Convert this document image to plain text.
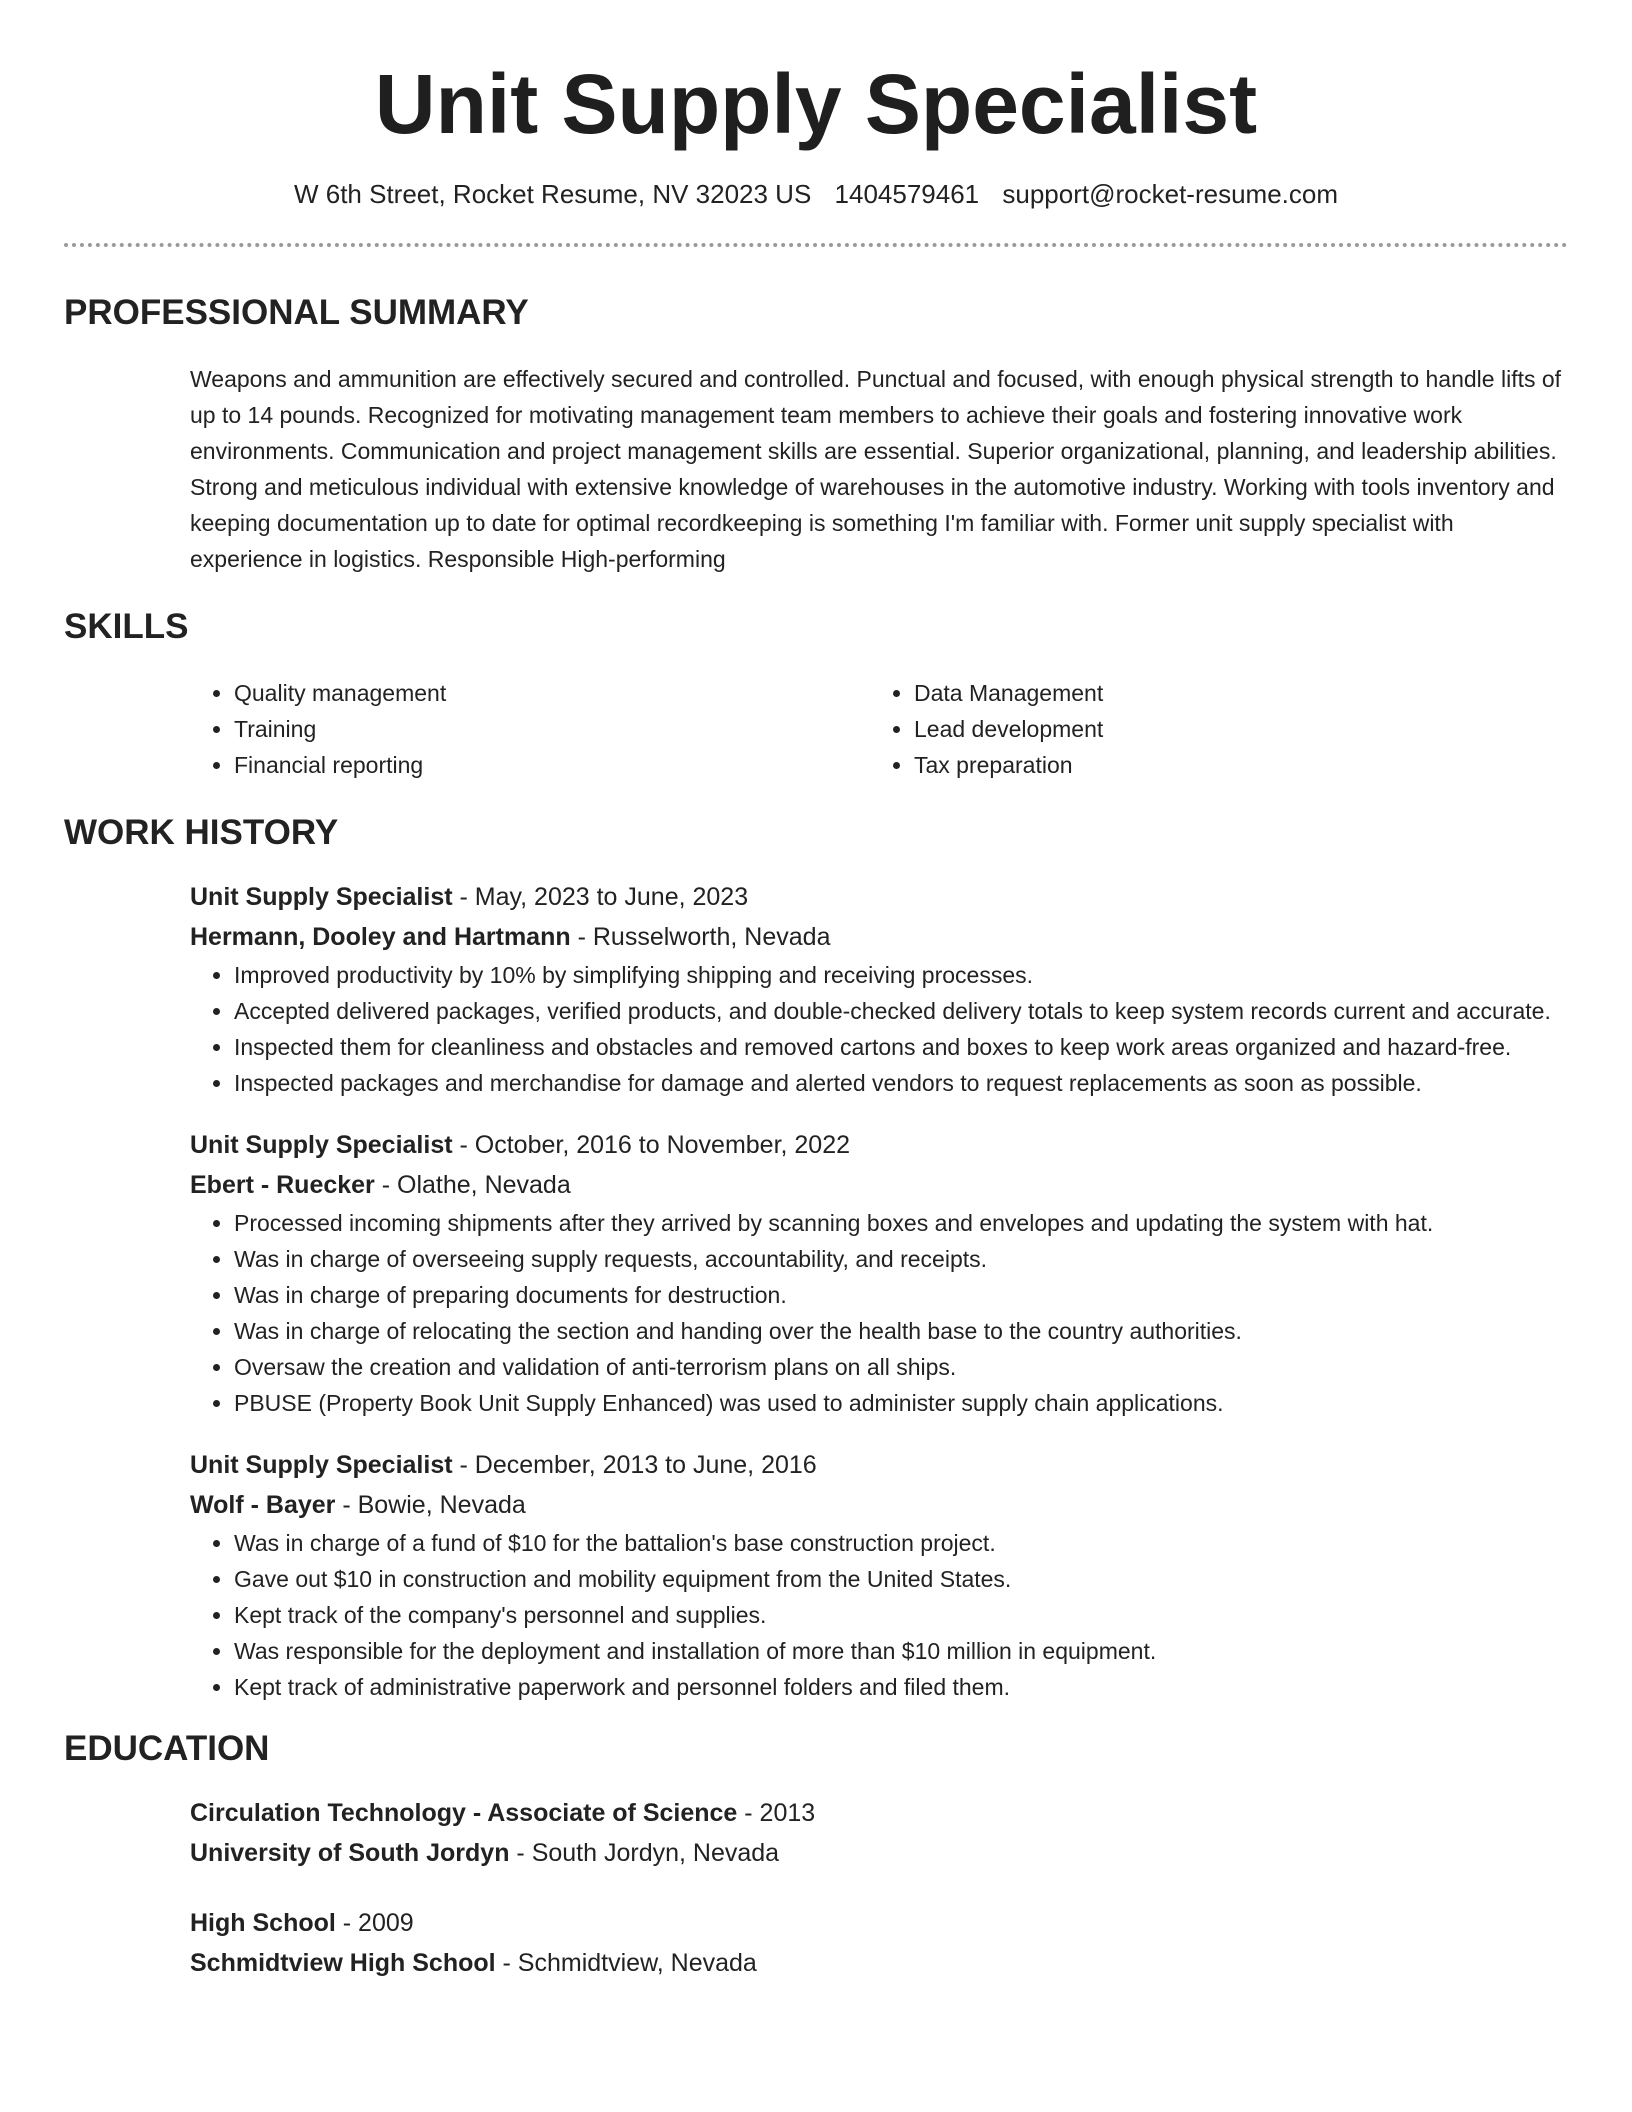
Unit Supply Specialist
W 6th Street, Rocket Resume, NV 32023 US 1404579461 support@rocket-resume.com
PROFESSIONAL SUMMARY
Weapons and ammunition are effectively secured and controlled. Punctual and focused, with enough physical strength to handle lifts of up to 14 pounds. Recognized for motivating management team members to achieve their goals and fostering innovative work environments. Communication and project management skills are essential. Superior organizational, planning, and leadership abilities. Strong and meticulous individual with extensive knowledge of warehouses in the automotive industry. Working with tools inventory and keeping documentation up to date for optimal recordkeeping is something I'm familiar with. Former unit supply specialist with experience in logistics. Responsible High-performing
SKILLS
• Quality management
• Training
• Financial reporting
• Data Management
• Lead development
• Tax preparation
WORK HISTORY
Unit Supply Specialist - May, 2023 to June, 2023
Hermann, Dooley and Hartmann - Russelworth, Nevada
• Improved productivity by 10% by simplifying shipping and receiving processes.
• Accepted delivered packages, verified products, and double-checked delivery totals to keep system records current and accurate.
• Inspected them for cleanliness and obstacles and removed cartons and boxes to keep work areas organized and hazard-free.
• Inspected packages and merchandise for damage and alerted vendors to request replacements as soon as possible.
Unit Supply Specialist - October, 2016 to November, 2022
Ebert - Ruecker - Olathe, Nevada
• Processed incoming shipments after they arrived by scanning boxes and envelopes and updating the system with hat.
• Was in charge of overseeing supply requests, accountability, and receipts.
• Was in charge of preparing documents for destruction.
• Was in charge of relocating the section and handing over the health base to the country authorities.
• Oversaw the creation and validation of anti-terrorism plans on all ships.
• PBUSE (Property Book Unit Supply Enhanced) was used to administer supply chain applications.
Unit Supply Specialist - December, 2013 to June, 2016
Wolf - Bayer - Bowie, Nevada
• Was in charge of a fund of $10 for the battalion's base construction project.
• Gave out $10 in construction and mobility equipment from the United States.
• Kept track of the company's personnel and supplies.
• Was responsible for the deployment and installation of more than $10 million in equipment.
• Kept track of administrative paperwork and personnel folders and filed them.
EDUCATION
Circulation Technology - Associate of Science - 2013
University of South Jordyn - South Jordyn, Nevada
High School - 2009
Schmidtview High School - Schmidtview, Nevada
